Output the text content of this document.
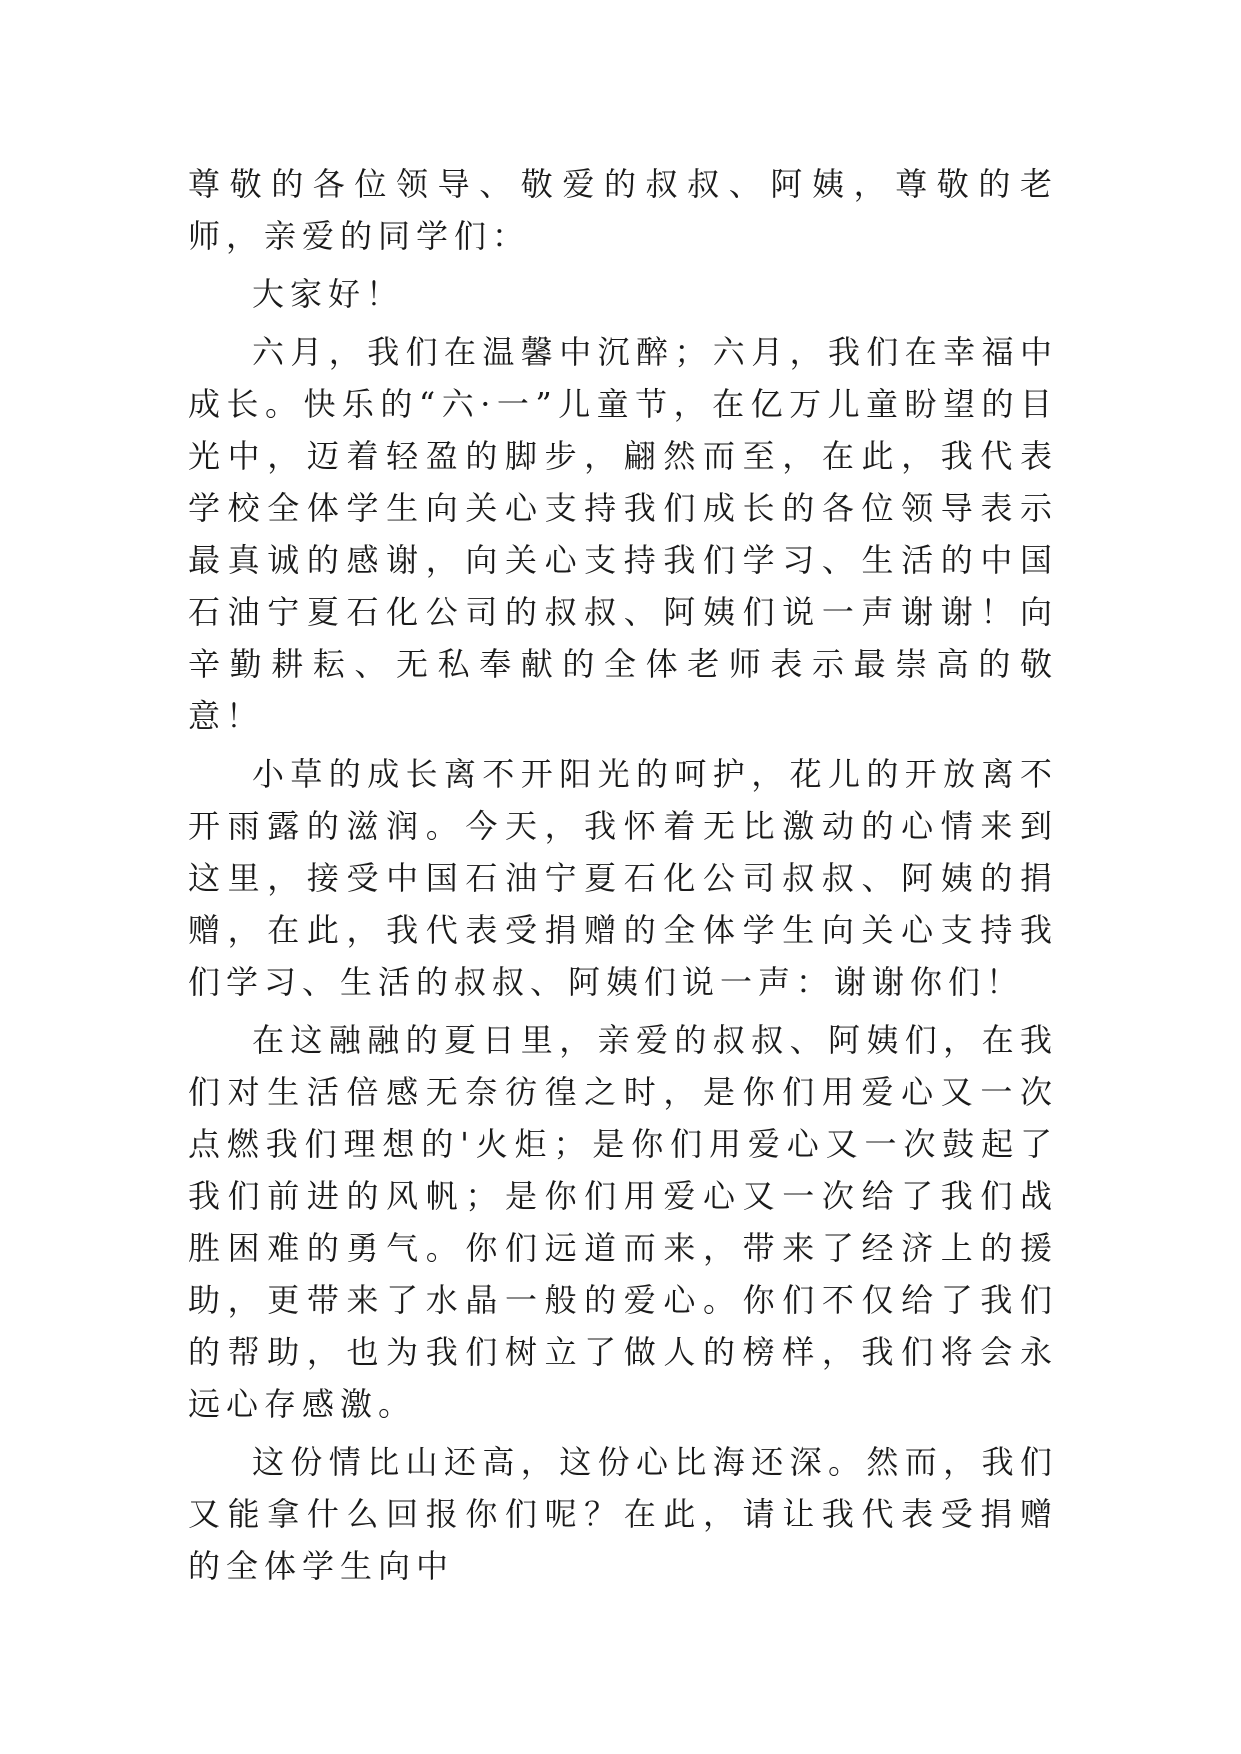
尊敬的各位领导、敬爱的叔叔、阿姨，尊敬的老师，亲爱的同学们：

大家好！

六月，我们在温馨中沉醉；六月，我们在幸福中成长。快乐的“六·一”儿童节，在亿万儿童盼望的目光中，迈着轻盈的脚步，翩然而至，在此，我代表学校全体学生向关心支持我们成长的各位领导表示最真诚的感谢，向关心支持我们学习、生活的中国石油宁夏石化公司的叔叔、阿姨们说一声谢谢！向辛勤耕耘、无私奉献的全体老师表示最崇高的敬意！

小草的成长离不开阳光的呵护，花儿的开放离不开雨露的滋润。今天，我怀着无比激动的心情来到这里，接受中国石油宁夏石化公司叔叔、阿姨的捐赠，在此，我代表受捐赠的全体学生向关心支持我们学习、生活的叔叔、阿姨们说一声：谢谢你们！

在这融融的夏日里，亲爱的叔叔、阿姨们，在我们对生活倍感无奈彷徨之时，是你们用爱心又一次点燃我们理想的'火炬；是你们用爱心又一次鼓起了我们前进的风帆；是你们用爱心又一次给了我们战胜困难的勇气。你们远道而来，带来了经济上的援助，更带来了水晶一般的爱心。你们不仅给了我们的帮助，也为我们树立了做人的榜样，我们将会永远心存感激。

这份情比山还高，这份心比海还深。然而，我们又能拿什么回报你们呢？在此，请让我代表受捐赠的全体学生向中
